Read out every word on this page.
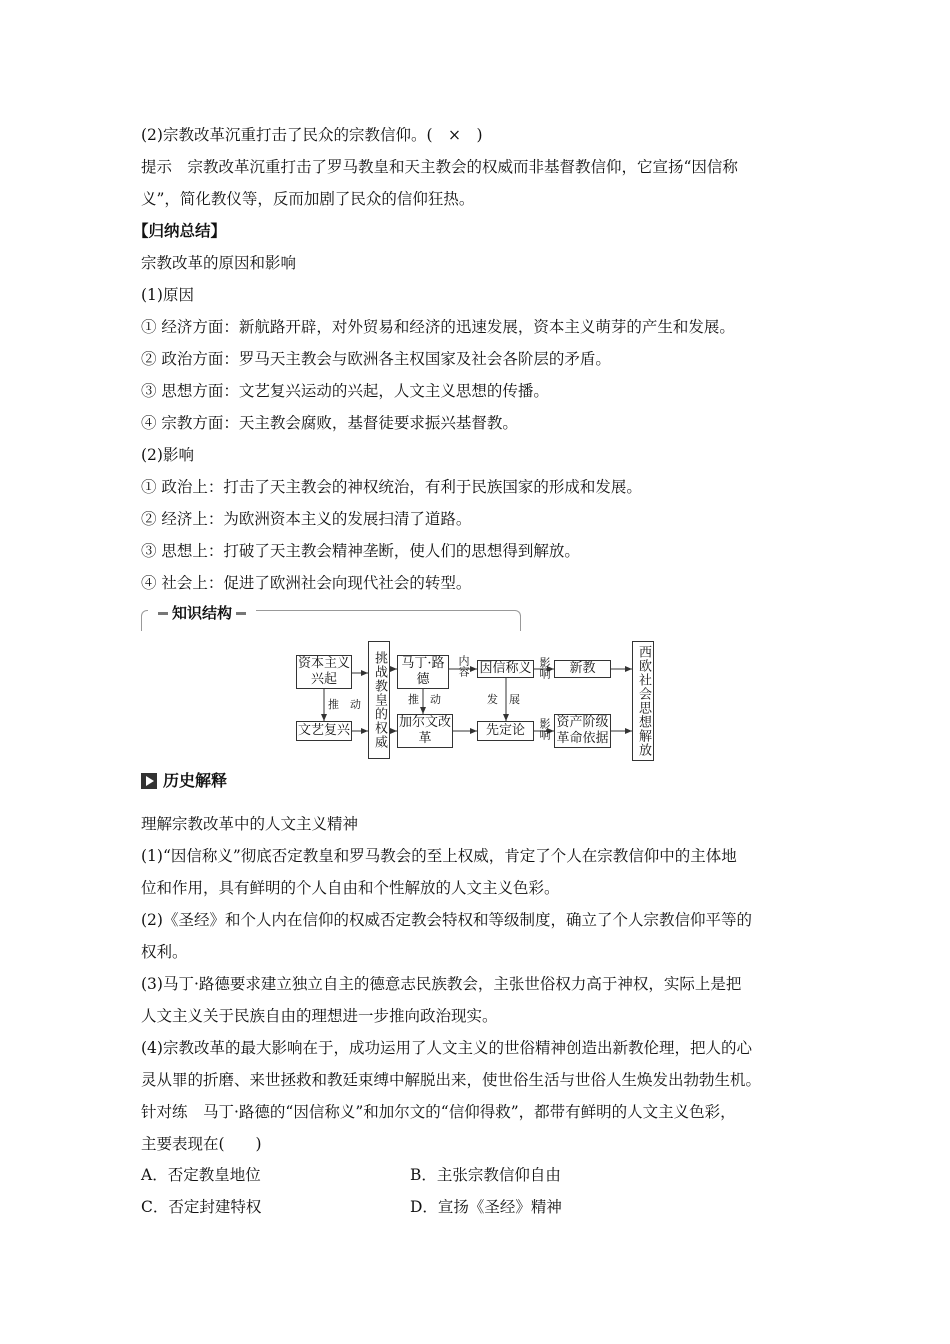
(2)宗教改革沉重打击了民众的宗教信仰。(　×　)
提示　宗教改革沉重打击了罗马教皇和天主教会的权威而非基督教信仰，它宣扬“因信称
义”，简化教仪等，反而加剧了民众的信仰狂热。
【归纳总结】
宗教改革的原因和影响
(1)原因
① 经济方面：新航路开辟，对外贸易和经济的迅速发展，资本主义萌芽的产生和发展。
② 政治方面：罗马天主教会与欧洲各主权国家及社会各阶层的矛盾。
③ 思想方面：文艺复兴运动的兴起，人文主义思想的传播。
④ 宗教方面：天主教会腐败，基督徒要求振兴基督教。
(2)影响
① 政治上：打击了天主教会的神权统治，有利于民族国家的形成和发展。
② 经济上：为欧洲资本主义的发展扫清了道路。
③ 思想上：打破了天主教会精神垄断，使人们的思想得到解放。
④ 社会上：促进了欧洲社会向现代社会的转型。
知识结构
资本主义兴起
文艺复兴	挑战教皇的权威	马丁·路德
加尔文改革
因信称义
先定论
新教
资产阶级革命依据	西欧社会思想解放
推　动	推　动
内容
发　展
影响
影响
历史解释
理解宗教改革中的人文主义精神
(1)“因信称义”彻底否定教皇和罗马教会的至上权威，肯定了个人在宗教信仰中的主体地
位和作用，具有鲜明的个人自由和个性解放的人文主义色彩。
(2)《圣经》和个人内在信仰的权威否定教会特权和等级制度，确立了个人宗教信仰平等的
权利。
(3)马丁·路德要求建立独立自主的德意志民族教会，主张世俗权力高于神权，实际上是把
人文主义关于民族自由的理想进一步推向政治现实。
(4)宗教改革的最大影响在于，成功运用了人文主义的世俗精神创造出新教伦理，把人的心
灵从罪的折磨、来世拯救和教廷束缚中解脱出来，使世俗生活与世俗人生焕发出勃勃生机。
针对练　马丁·路德的“因信称义”和加尔文的“信仰得救”，都带有鲜明的人文主义色彩，
主要表现在(　　)
A．否定教皇地位	B．主张宗教信仰自由
C．否定封建特权	D．宣扬《圣经》精神
